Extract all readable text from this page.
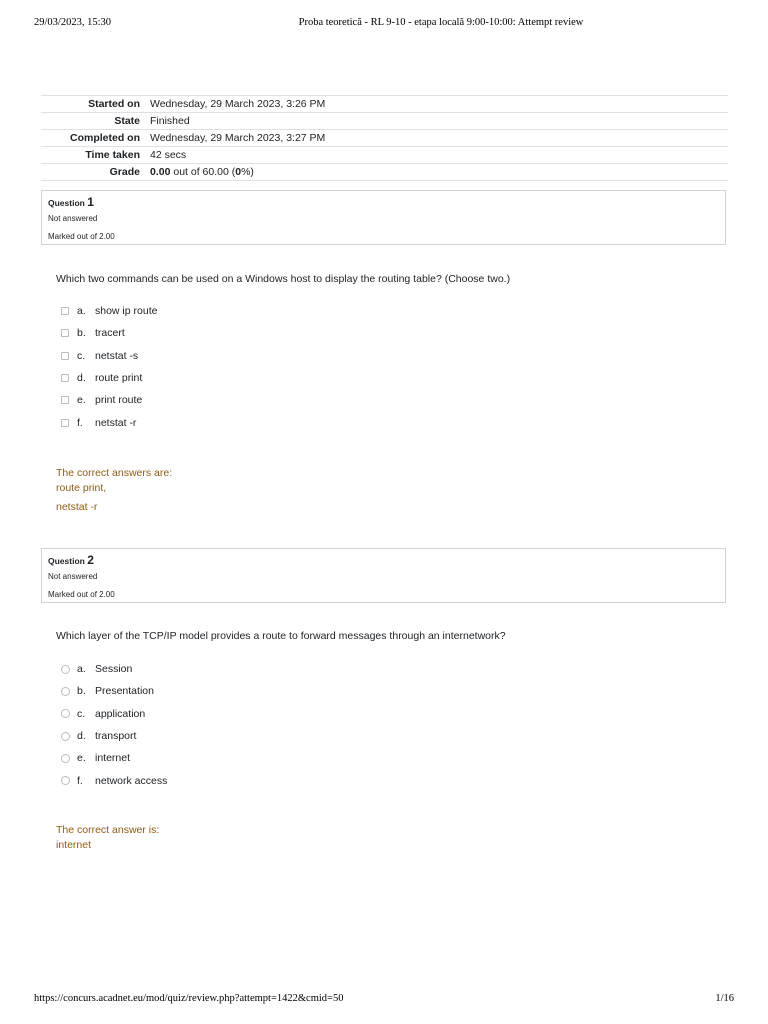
29/03/2023, 15:30	Proba teoretică - RL 9-10 - etapa locală 9:00-10:00: Attempt review
Started on	Wednesday, 29 March 2023, 3:26 PM
State	Finished
Completed on	Wednesday, 29 March 2023, 3:27 PM
Time taken	42 secs
Grade	0.00 out of 60.00 (0%)
Question 1
Not answered
Marked out of 2.00
Which two commands can be used on a Windows host to display the routing table? (Choose two.)
a. show ip route
b. tracert
c. netstat -s
d. route print
e. print route
f.	netstat -r
The correct answers are:
route print,
netstat -r
Question 2
Not answered
Marked out of 2.00
Which layer of the TCP/IP model provides a route to forward messages through an internetwork?
a. Session
b. Presentation
c. application
d. transport
e. internet
f.	network access
The correct answer is:
internet
https://concurs.acadnet.eu/mod/quiz/review.php?attempt=1422&cmid=50	1/16
